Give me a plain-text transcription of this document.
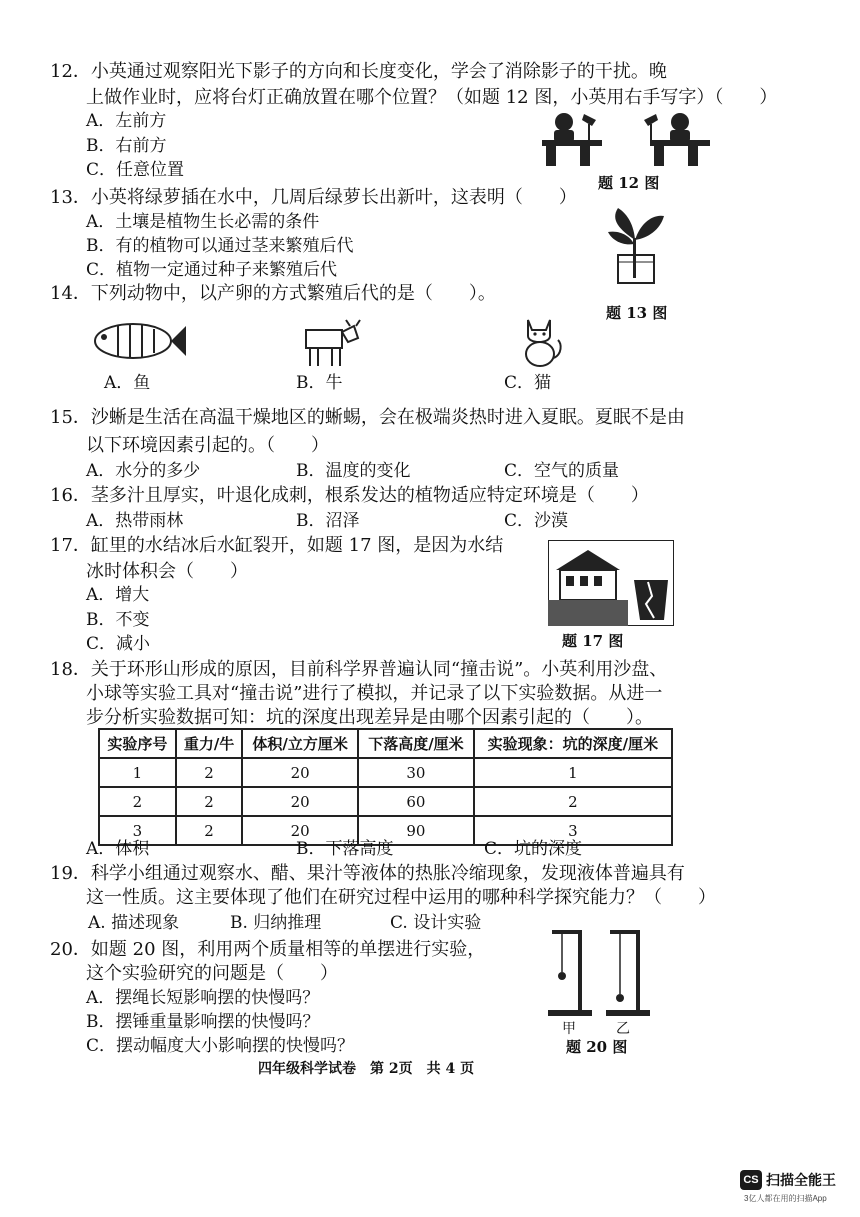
12．小英通过观察阳光下影子的方向和长度变化，学会了消除影子的干扰。晚
上做作业时，应将台灯正确放置在哪个位置？（如题 12 图，小英用右手写字）（　　）
A．左前方
B．右前方
C．任意位置
题 12 图
13．小英将绿萝插在水中，几周后绿萝长出新叶，这表明（　　）
A．土壤是植物生长必需的条件
B．有的植物可以通过茎来繁殖后代
C．植物一定通过种子来繁殖后代
题 13 图
14．下列动物中，以产卵的方式繁殖后代的是（　　）。
A．鱼	B．牛	C．猫
15．沙蜥是生活在高温干燥地区的蜥蜴，会在极端炎热时进入夏眠。夏眠不是由
以下环境因素引起的。（　　）
A．水分的多少	B．温度的变化	C．空气的质量
16．茎多汁且厚实，叶退化成刺，根系发达的植物适应特定环境是（　　）
A．热带雨林	B．沼泽	C．沙漠
17．缸里的水结冰后水缸裂开，如题 17 图，是因为水结
冰时体积会（　　）
A．增大
B．不变
C．减小	题 17 图
18．关于环形山形成的原因，目前科学界普遍认同“撞击说”。小英利用沙盘、
小球等实验工具对“撞击说”进行了模拟，并记录了以下实验数据。从进一
步分析实验数据可知：坑的深度出现差异是由哪个因素引起的（　　）。
实验序号	重力/牛	体积/立方厘米	下落高度/厘米	实验现象：坑的深度/厘米
1	2	20	30	1
2	2	20	60	2
3	2	20	90	3
A．体积	B．下落高度	C．坑的深度
19．科学小组通过观察水、醋、果汁等液体的热胀冷缩现象，发现液体普遍具有
这一性质。这主要体现了他们在研究过程中运用的哪种科学探究能力？（　　）
A. 描述现象	B. 归纳推理	C. 设计实验
20．如题 20 图，利用两个质量相等的单摆进行实验，
这个实验研究的问题是（　　）
A．摆绳长短影响摆的快慢吗？
B．摆锤重量影响摆的快慢吗？
C．摆动幅度大小影响摆的快慢吗？
甲	乙
题 20 图
四年级科学试卷　第 2页　共 4 页
CS 扫描全能王
3亿人都在用的扫描App
